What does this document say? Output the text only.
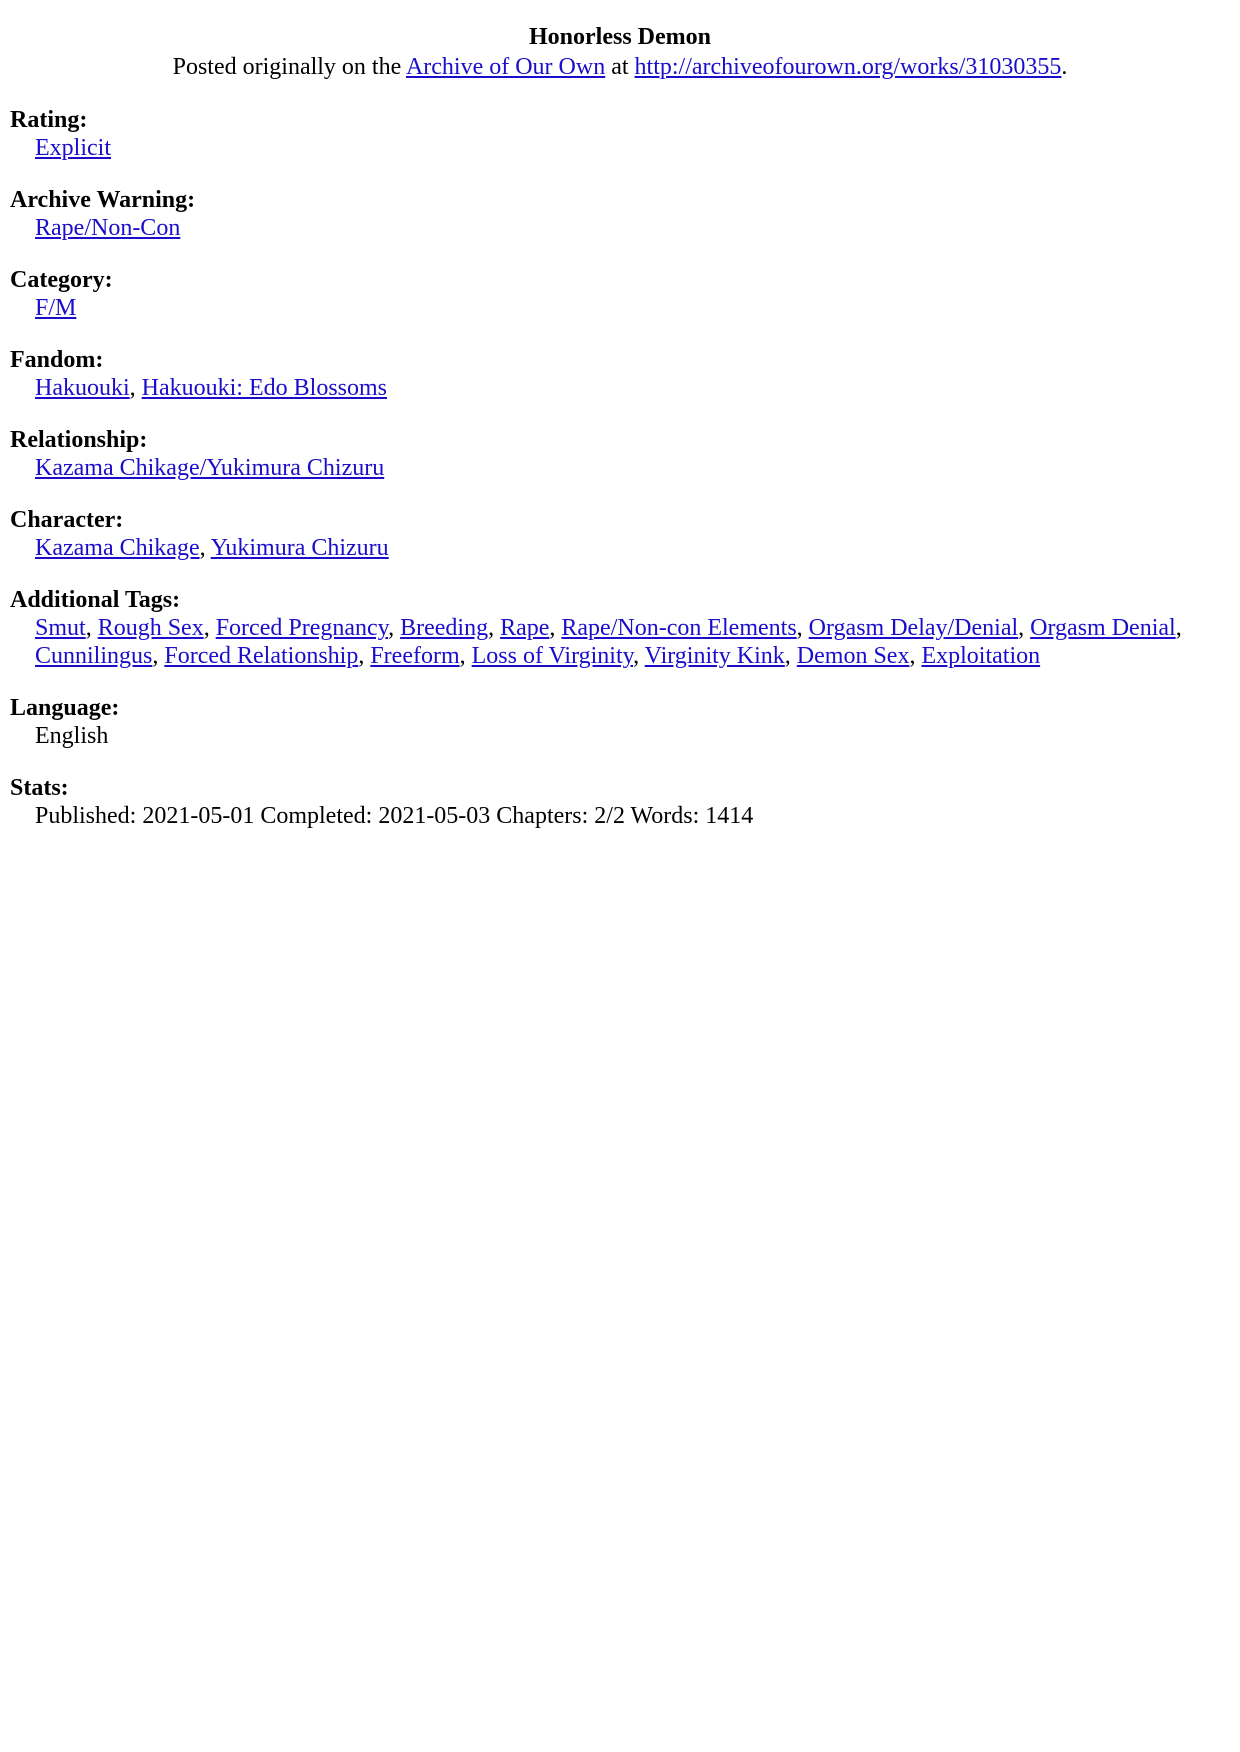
Honorless Demon
Posted originally on the Archive of Our Own at http://archiveofourown.org/works/31030355.
Rating:
Explicit
Archive Warning:
Rape/Non-Con
Category:
F/M
Fandom:
Hakuouki, Hakuouki: Edo Blossoms
Relationship:
Kazama Chikage/Yukimura Chizuru
Character:
Kazama Chikage, Yukimura Chizuru
Additional Tags:
Smut, Rough Sex, Forced Pregnancy, Breeding, Rape, Rape/Non-con Elements, Orgasm Delay/Denial, Orgasm Denial, Cunnilingus, Forced Relationship, Freeform, Loss of Virginity, Virginity Kink, Demon Sex, Exploitation
Language:
English
Stats:
Published: 2021-05-01 Completed: 2021-05-03 Chapters: 2/2 Words: 1414
